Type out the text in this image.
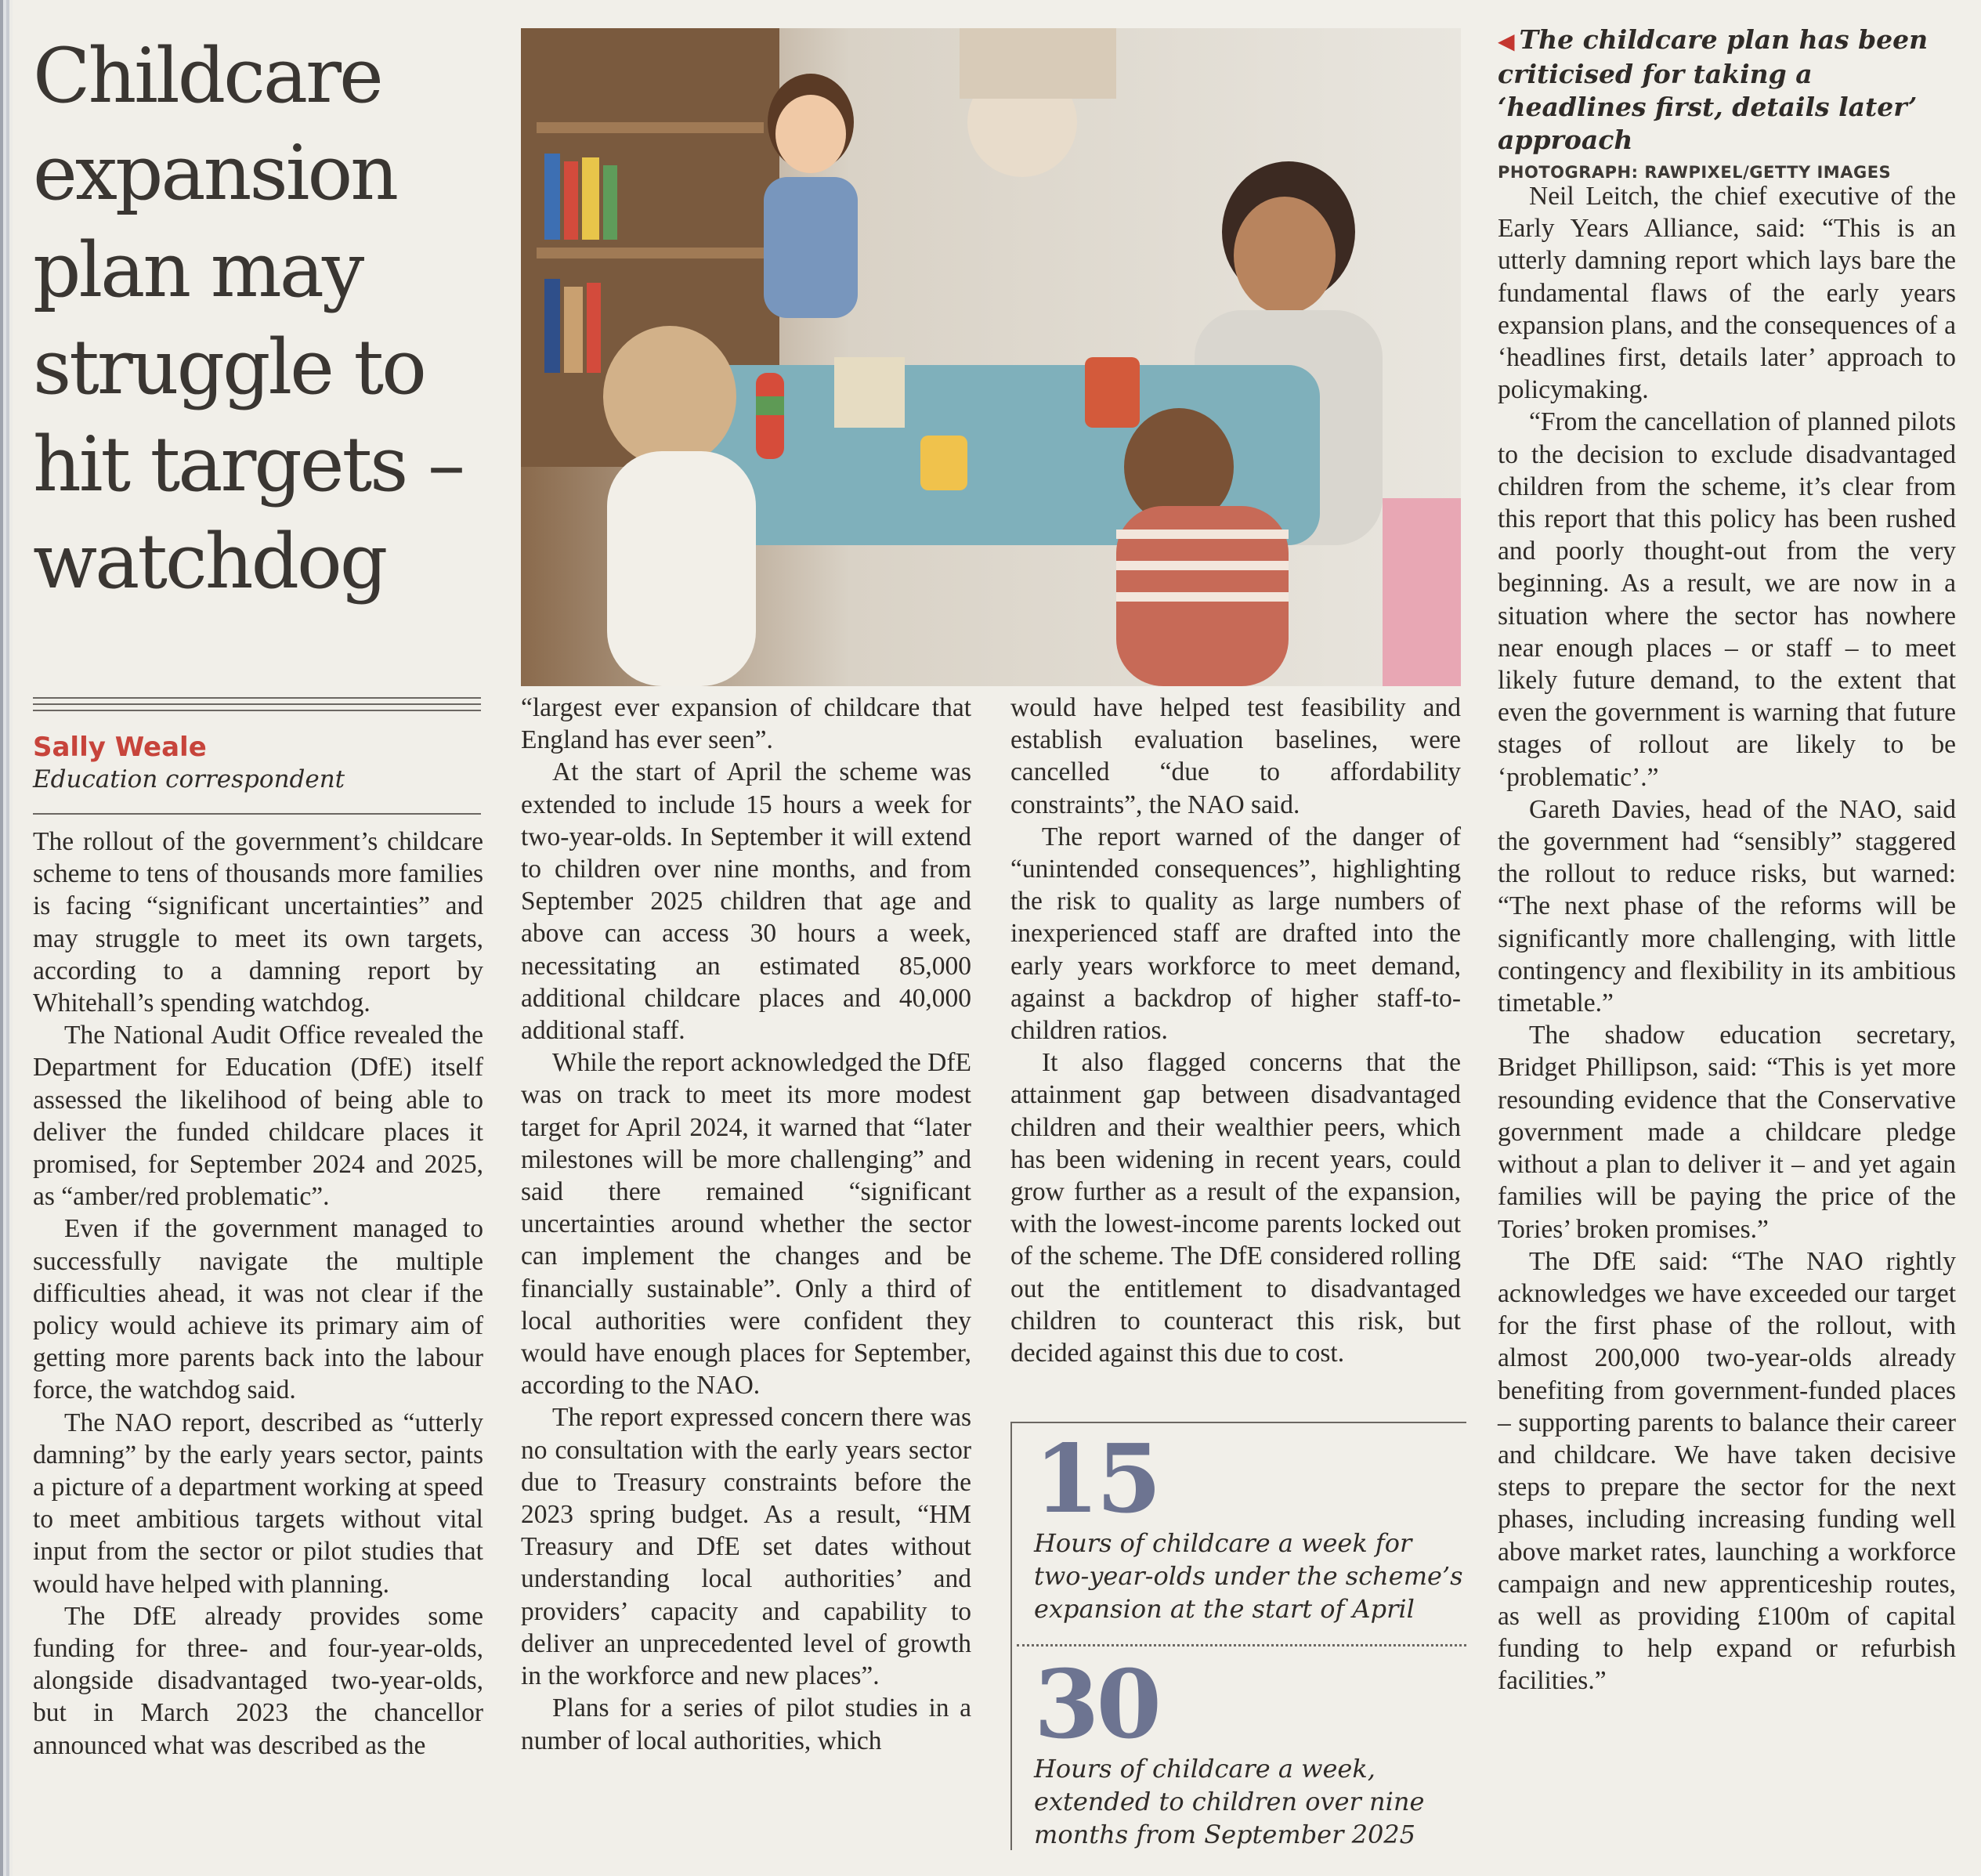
Childcare expansion plan may struggle to hit targets – watchdog

◀ The childcare plan has been criticised for taking a ‘headlines first, details later’ approach

PHOTOGRAPH: RAWPIXEL/GETTY IMAGES

Sally Weale

Education correspondent

The rollout of the government’s childcare scheme to tens of thousands more families is facing “significant uncertainties” and may struggle to meet its own targets, according to a damning report by Whitehall’s spending watchdog.

The National Audit Office revealed the Department for Education (DfE) itself assessed the likelihood of being able to deliver the funded childcare places it promised, for September 2024 and 2025, as “amber/red problematic”.

Even if the government managed to successfully navigate the multiple difficulties ahead, it was not clear if the policy would achieve its primary aim of getting more parents back into the labour force, the watchdog said.

The NAO report, described as “utterly damning” by the early years sector, paints a picture of a department working at speed to meet ambitious targets without vital input from the sector or pilot studies that would have helped with planning.

The DfE already provides some funding for three- and four-year-olds, alongside disadvantaged two-year-olds, but in March 2023 the chancellor announced what was described as the

“largest ever expansion of childcare that England has ever seen”.

At the start of April the scheme was extended to include 15 hours a week for two-year-olds. In September it will extend to children over nine months, and from September 2025 children that age and above can access 30 hours a week, necessitating an estimated 85,000 additional childcare places and 40,000 additional staff.

While the report acknowledged the DfE was on track to meet its more modest target for April 2024, it warned that “later milestones will be more challenging” and said there remained “significant uncertainties around whether the sector can implement the changes and be financially sustainable”. Only a third of local authorities were confident they would have enough places for September, according to the NAO.

The report expressed concern there was no consultation with the early years sector due to Treasury constraints before the 2023 spring budget. As a result, “HM Treasury and DfE set dates without understanding local authorities’ and providers’ capacity and capability to deliver an unprecedented level of growth in the workforce and new places”.

Plans for a series of pilot studies in a number of local authorities, which

would have helped test feasibility and establish evaluation baselines, were cancelled “due to affordability constraints”, the NAO said.

The report warned of the danger of “unintended consequences”, highlighting the risk to quality as large numbers of inexperienced staff are drafted into the early years workforce to meet demand, against a backdrop of higher staff-to-children ratios.

It also flagged concerns that the attainment gap between disadvantaged children and their wealthier peers, which has been widening in recent years, could grow further as a result of the expansion, with the lowest-income parents locked out of the scheme. The DfE considered rolling out the entitlement to disadvantaged children to counteract this risk, but decided against this due to cost.

15
Hours of childcare a week for two-year-olds under the scheme’s expansion at the start of April
30
Hours of childcare a week, extended to children over nine months from September 2025

Neil Leitch, the chief executive of the Early Years Alliance, said: “This is an utterly damning report which lays bare the fundamental flaws of the early years expansion plans, and the consequences of a ‘headlines first, details later’ approach to policymaking.

“From the cancellation of planned pilots to the decision to exclude disadvantaged children from the scheme, it’s clear from this report that this policy has been rushed and poorly thought-out from the very beginning. As a result, we are now in a situation where the sector has nowhere near enough places – or staff – to meet likely future demand, to the extent that even the government is warning that future stages of rollout are likely to be ‘problematic’.”

Gareth Davies, head of the NAO, said the government had “sensibly” staggered the rollout to reduce risks, but warned: “The next phase of the reforms will be significantly more challenging, with little contingency and flexibility in its ambitious timetable.”

The shadow education secretary, Bridget Phillipson, said: “This is yet more resounding evidence that the Conservative government made a childcare pledge without a plan to deliver it – and yet again families will be paying the price of the Tories’ broken promises.”

The DfE said: “The NAO rightly acknowledges we have exceeded our target for the first phase of the rollout, with almost 200,000 two-year-olds already benefiting from government-funded places – supporting parents to balance their career and childcare. We have taken decisive steps to prepare the sector for the next phases, including increasing funding well above market rates, launching a workforce campaign and new apprenticeship routes, as well as providing £100m of capital funding to help expand or refurbish facilities.”
